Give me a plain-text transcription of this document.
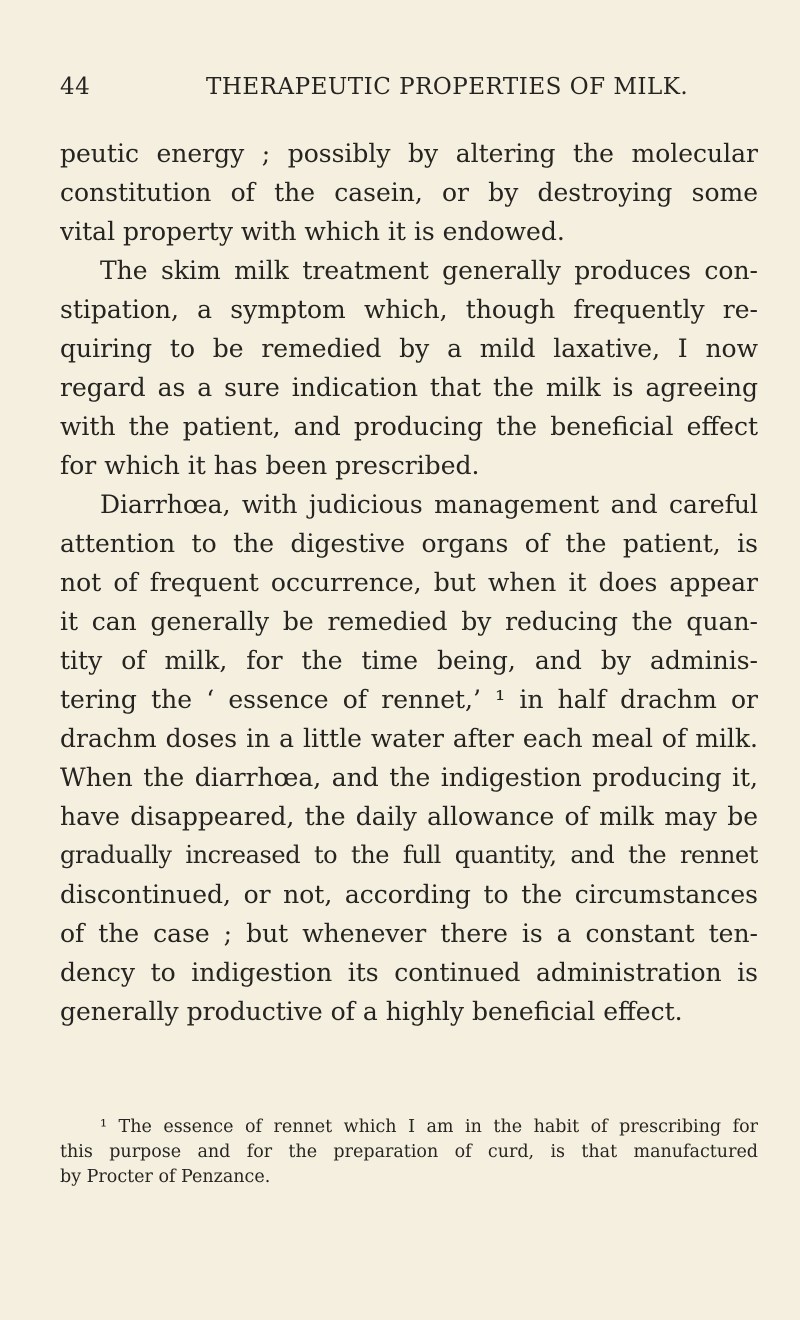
44	THERAPEUTIC PROPERTIES OF MILK.
peutic energy ; possibly by altering the molecular
constitution of the casein, or by destroying some
vital property with which it is endowed.
The skim milk treatment generally produces con-
stipation, a symptom which, though frequently re-
quiring to be remedied by a mild laxative, I now
regard as a sure indication that the milk is agreeing
with the patient, and producing the beneficial effect
for which it has been prescribed.
Diarrhœa, with judicious management and careful
attention to the digestive organs of the patient, is
not of frequent occurrence, but when it does appear
it can generally be remedied by reducing the quan-
tity of milk, for the time being, and by adminis-
tering the ‘ essence of rennet,’ ¹ in half drachm or
drachm doses in a little water after each meal of milk.
When the diarrhœa, and the indigestion producing it,
have disappeared, the daily allowance of milk may be
gradually increased to the full quantity, and the rennet
discontinued, or not, according to the circumstances
of the case ; but whenever there is a constant ten-
dency to indigestion its continued administration is
generally productive of a highly beneficial effect.
¹ The essence of rennet which I am in the habit of prescribing for
this purpose and for the preparation of curd, is that manufactured
by Procter of Penzance.
